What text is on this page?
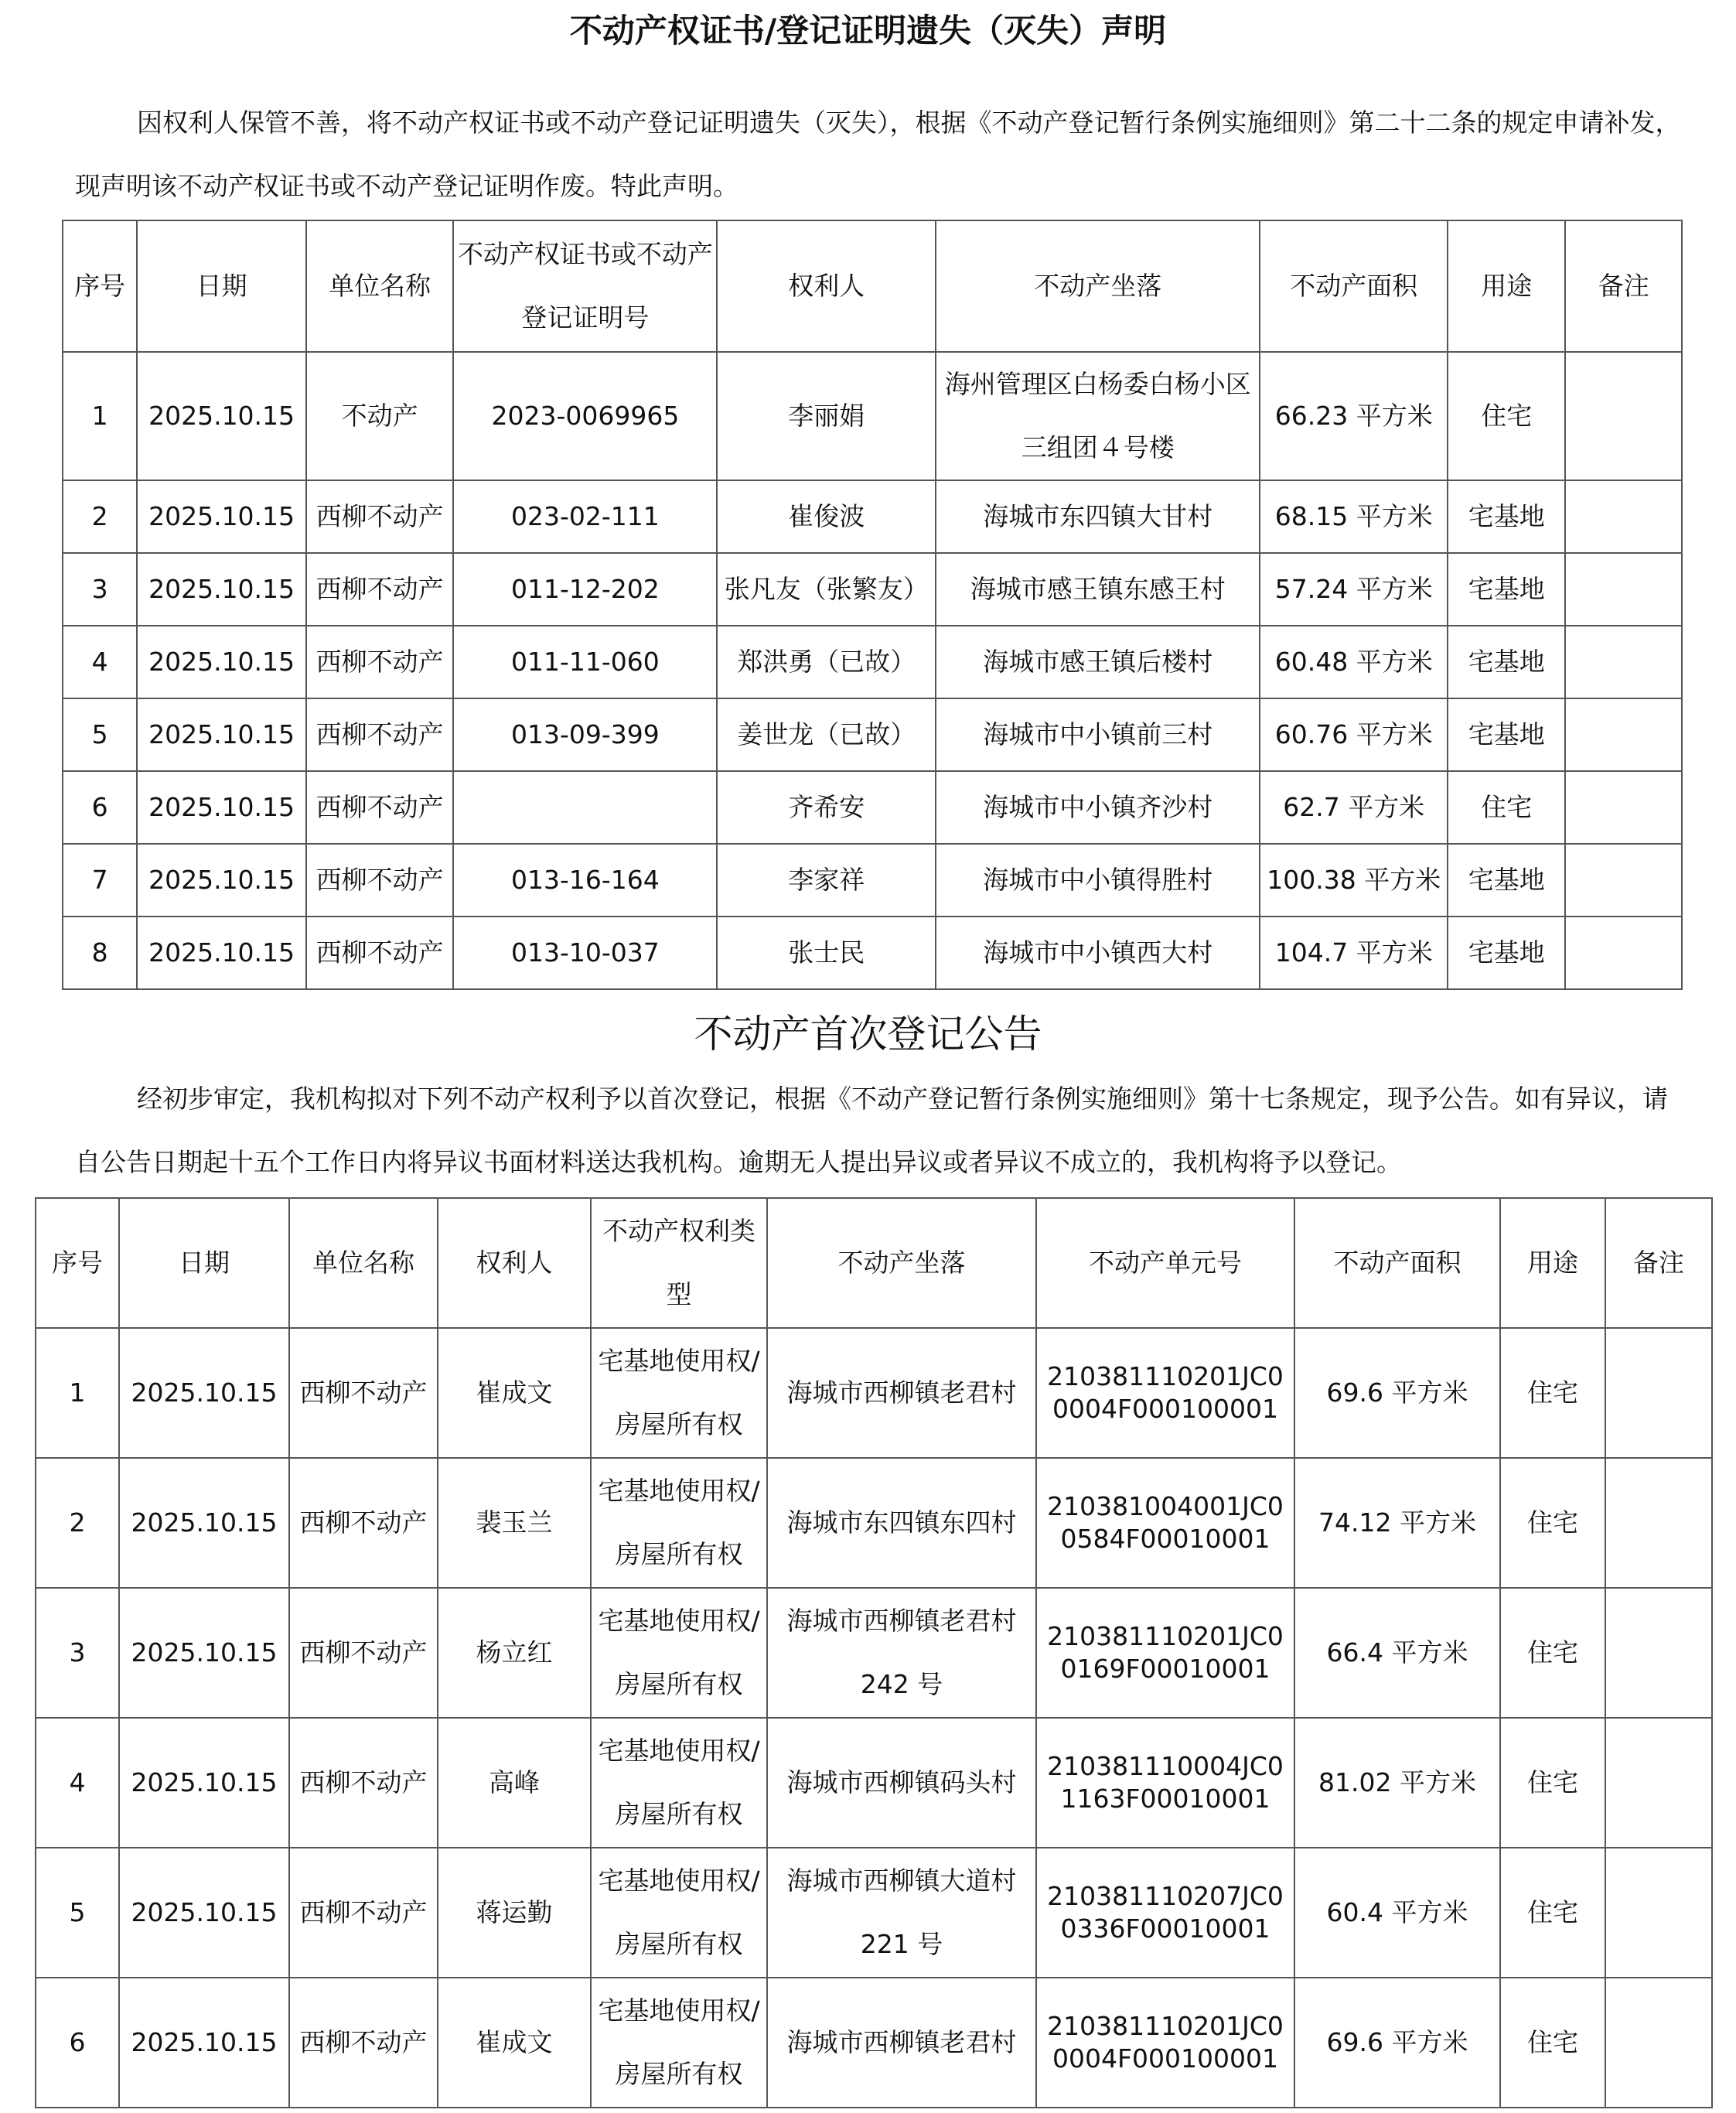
不动产权证书/登记证明遗失（灭失）声明
因权利人保管不善，将不动产权证书或不动产登记证明遗失（灭失），根据《不动产登记暂行条例实施细则》第二十二条的规定申请补发，现声明该不动产权证书或不动产登记证明作废。特此声明。
序号	日期	单位名称	不动产权证书或不动产登记证明号	权利人	不动产坐落	不动产面积	用途	备注
1	2025.10.15	不动产	2023-0069965	李丽娟	海州管理区白杨委白杨小区三组团４号楼	66.23 平方米	住宅	
2	2025.10.15	西柳不动产	023-02-111	崔俊波	海城市东四镇大甘村	68.15 平方米	宅基地	
3	2025.10.15	西柳不动产	011-12-202	张凡友（张繁友）	海城市感王镇东感王村	57.24 平方米	宅基地	
4	2025.10.15	西柳不动产	011-11-060	郑洪勇（已故）	海城市感王镇后楼村	60.48 平方米	宅基地	
5	2025.10.15	西柳不动产	013-09-399	姜世龙（已故）	海城市中小镇前三村	60.76 平方米	宅基地	
6	2025.10.15	西柳不动产		齐希安	海城市中小镇齐沙村	62.7 平方米	住宅	
7	2025.10.15	西柳不动产	013-16-164	李家祥	海城市中小镇得胜村	100.38 平方米	宅基地	
8	2025.10.15	西柳不动产	013-10-037	张士民	海城市中小镇西大村	104.7 平方米	宅基地	
不动产首次登记公告
经初步审定，我机构拟对下列不动产权利予以首次登记，根据《不动产登记暂行条例实施细则》第十七条规定，现予公告。如有异议，请自公告日期起十五个工作日内将异议书面材料送达我机构。逾期无人提出异议或者异议不成立的，我机构将予以登记。
序号	日期	单位名称	权利人	不动产权利类型	不动产坐落	不动产单元号	不动产面积	用途	备注
1	2025.10.15	西柳不动产	崔成文	宅基地使用权/房屋所有权	海城市西柳镇老君村	210381110201JC00004F000100001	69.6 平方米	住宅	
2	2025.10.15	西柳不动产	裴玉兰	宅基地使用权/房屋所有权	海城市东四镇东四村	210381004001JC00584F00010001	74.12 平方米	住宅	
3	2025.10.15	西柳不动产	杨立红	宅基地使用权/房屋所有权	海城市西柳镇老君村242 号	210381110201JC00169F00010001	66.4 平方米	住宅	
4	2025.10.15	西柳不动产	高峰	宅基地使用权/房屋所有权	海城市西柳镇码头村	210381110004JC01163F00010001	81.02 平方米	住宅	
5	2025.10.15	西柳不动产	蒋运勤	宅基地使用权/房屋所有权	海城市西柳镇大道村221 号	210381110207JC00336F00010001	60.4 平方米	住宅	
6	2025.10.15	西柳不动产	崔成文	宅基地使用权/房屋所有权	海城市西柳镇老君村	210381110201JC00004F000100001	69.6 平方米	住宅	
